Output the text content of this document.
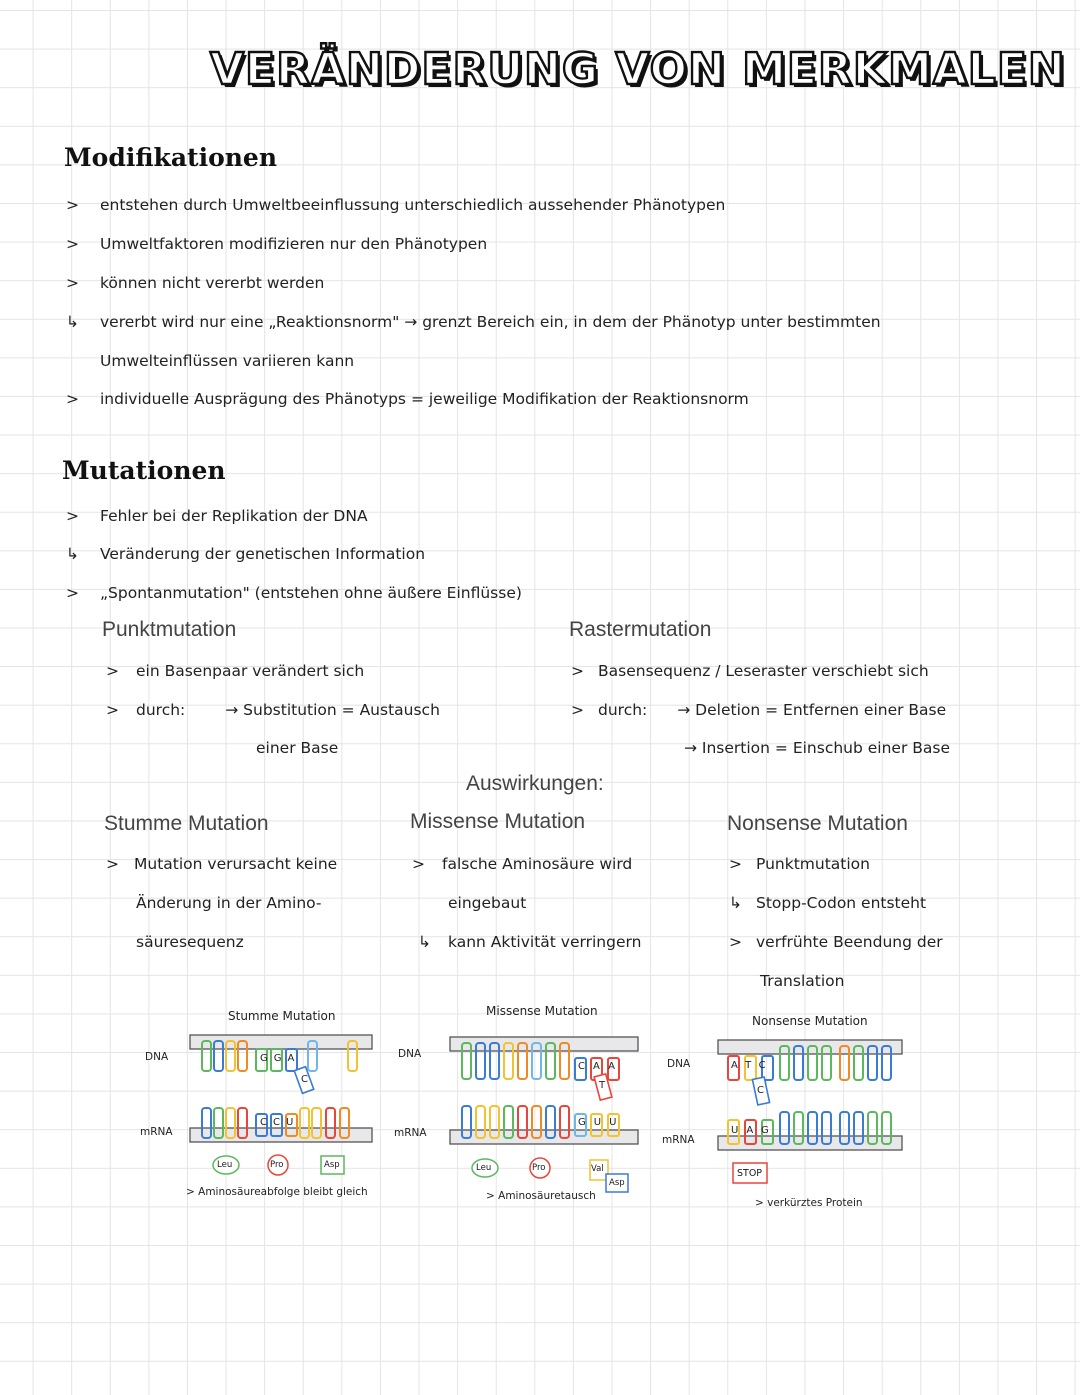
VERÄNDERUNG VON MERKMALEN
Modifikationen
> entstehen durch Umweltbeeinflussung unterschiedlich aussehender Phänotypen
> Umweltfaktoren modifizieren nur den Phänotypen
> können nicht vererbt werden
↳ vererbt wird nur eine „Reaktionsnorm" → grenzt Bereich ein, in dem der Phänotyp unter bestimmten
Umwelteinflüssen variieren kann
> individuelle Ausprägung des Phänotyps = jeweilige Modifikation der Reaktionsnorm
Mutationen
> Fehler bei der Replikation der DNA
↳ Veränderung der genetischen Information
> „Spontanmutation" (entstehen ohne äußere Einflüsse)
Punktmutation
> ein Basenpaar verändert sich
> durch:	→ Substitution = Austausch
einer Base
Rastermutation
> Basensequenz / Leseraster verschiebt sich
> durch: → Deletion = Entfernen einer Base
→ Insertion = Einschub einer Base
Auswirkungen:
Stumme Mutation
> Mutation verursacht keine
Änderung in der Amino-
säuresequenz
Missense Mutation
> falsche Aminosäure wird
eingebaut
↳ kann Aktivität verringern
Nonsense Mutation
> Punktmutation
↳ Stopp-Codon entsteht
> verfrühte Beendung der
Translation
Stumme Mutation
DNA
mRNA
GGA
C
CCU
Leu	Pro	Asp
> Aminosäureabfolge bleibt gleich
Missense Mutation
DNA
mRNA
CAA
T
GUU
Leu	Pro	Val
Asp
> Aminosäuretausch
Nonsense Mutation
DNA
mRNA
ATC
C
UAG
STOP
> verkürztes Protein
